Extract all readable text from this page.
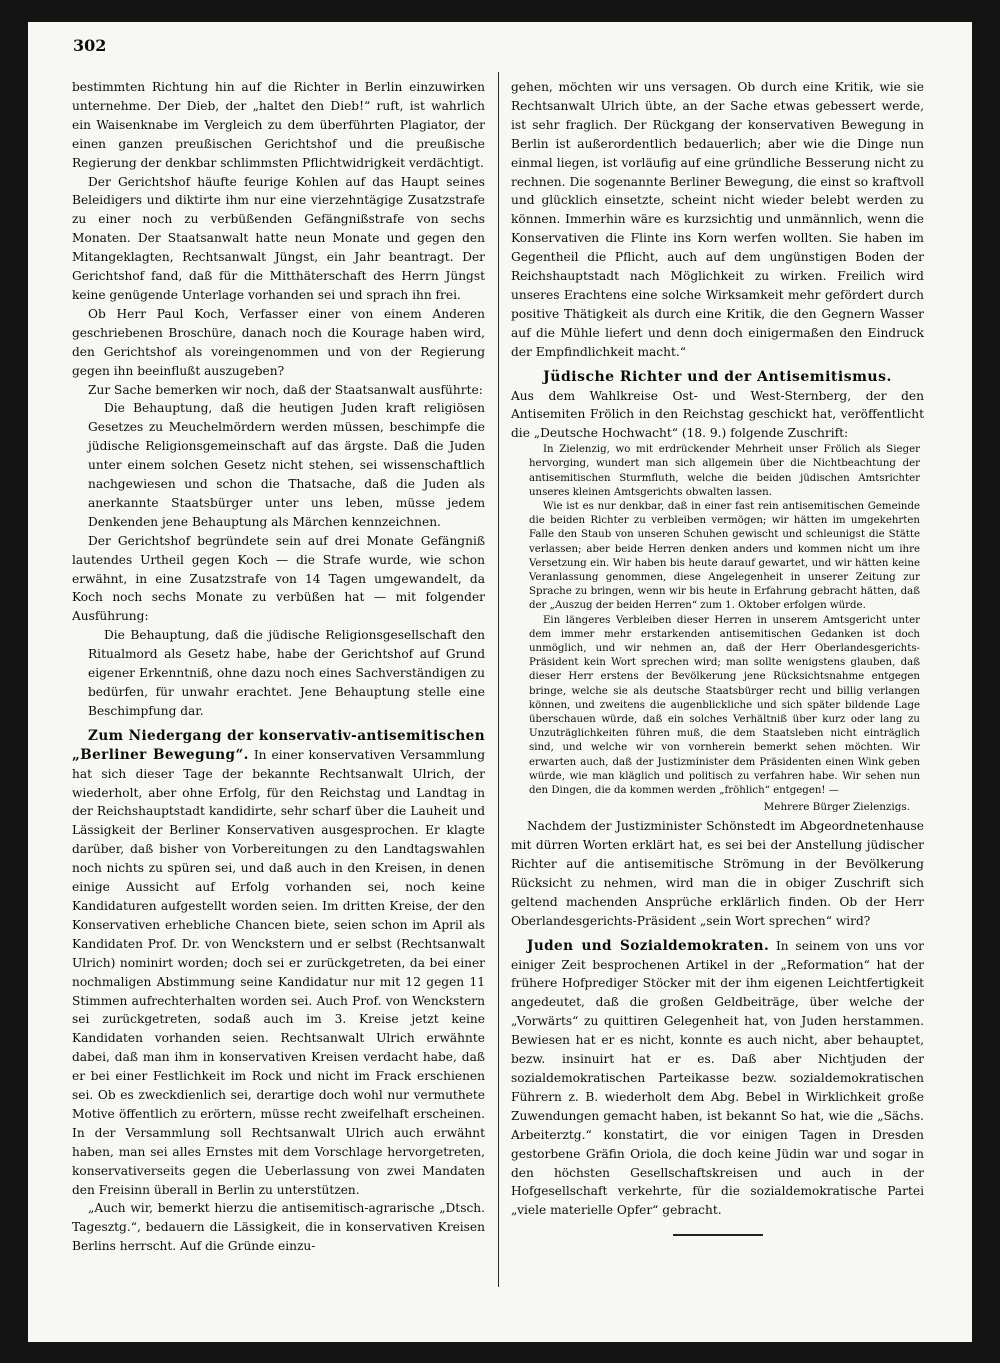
302

bestimmten Richtung hin auf die Richter in Berlin einzuwirken unternehme. Der Dieb, der „haltet den Dieb!“ ruft, ist wahrlich ein Waisenknabe im Vergleich zu dem überführten Plagiator, der einen ganzen preußischen Gerichtshof und die preußische Regierung der denkbar schlimmsten Pflichtwidrigkeit verdächtigt.

Der Gerichtshof häufte feurige Kohlen auf das Haupt seines Beleidigers und diktirte ihm nur eine vierzehntägige Zusatzstrafe zu einer noch zu verbüßenden Gefängnißstrafe von sechs Monaten. Der Staatsanwalt hatte neun Monate und gegen den Mitangeklagten, Rechtsanwalt Jüngst, ein Jahr beantragt. Der Gerichtshof fand, daß für die Mitthäterschaft des Herrn Jüngst keine genügende Unterlage vorhanden sei und sprach ihn frei.

Ob Herr Paul Koch, Verfasser einer von einem Anderen geschriebenen Broschüre, danach noch die Kourage haben wird, den Gerichtshof als voreingenommen und von der Regierung gegen ihn beeinflußt auszugeben?

Zur Sache bemerken wir noch, daß der Staatsanwalt ausführte:

Die Behauptung, daß die heutigen Juden kraft religiösen Gesetzes zu Meuchelmördern werden müssen, beschimpfe die jüdische Religionsgemeinschaft auf das ärgste. Daß die Juden unter einem solchen Gesetz nicht stehen, sei wissenschaftlich nachgewiesen und schon die Thatsache, daß die Juden als anerkannte Staatsbürger unter uns leben, müsse jedem Denkenden jene Behauptung als Märchen kennzeichnen.

Der Gerichtshof begründete sein auf drei Monate Gefängniß lautendes Urtheil gegen Koch — die Strafe wurde, wie schon erwähnt, in eine Zusatzstrafe von 14 Tagen umgewandelt, da Koch noch sechs Monate zu verbüßen hat — mit folgender Ausführung:

Die Behauptung, daß die jüdische Religionsgesellschaft den Ritualmord als Gesetz habe, habe der Gerichtshof auf Grund eigener Erkenntniß, ohne dazu noch eines Sachverständigen zu bedürfen, für unwahr erachtet. Jene Behauptung stelle eine Beschimpfung dar.

Zum Niedergang der konservativ-antisemitischen „Berliner Bewegung“. In einer konservativen Versammlung hat sich dieser Tage der bekannte Rechtsanwalt Ulrich, der wiederholt, aber ohne Erfolg, für den Reichstag und Landtag in der Reichshauptstadt kandidirte, sehr scharf über die Lauheit und Lässigkeit der Berliner Konservativen ausgesprochen. Er klagte darüber, daß bisher von Vorbereitungen zu den Landtagswahlen noch nichts zu spüren sei, und daß auch in den Kreisen, in denen einige Aussicht auf Erfolg vorhanden sei, noch keine Kandidaturen aufgestellt worden seien. Im dritten Kreise, der den Konservativen erhebliche Chancen biete, seien schon im April als Kandidaten Prof. Dr. von Wenckstern und er selbst (Rechtsanwalt Ulrich) nominirt worden; doch sei er zurückgetreten, da bei einer nochmaligen Abstimmung seine Kandidatur nur mit 12 gegen 11 Stimmen aufrechterhalten worden sei. Auch Prof. von Wenckstern sei zurückgetreten, sodaß auch im 3. Kreise jetzt keine Kandidaten vorhanden seien. Rechtsanwalt Ulrich erwähnte dabei, daß man ihm in konservativen Kreisen verdacht habe, daß er bei einer Festlichkeit im Rock und nicht im Frack erschienen sei. Ob es zweckdienlich sei, derartige doch wohl nur vermuthete Motive öffentlich zu erörtern, müsse recht zweifelhaft erscheinen. In der Versammlung soll Rechtsanwalt Ulrich auch erwähnt haben, man sei alles Ernstes mit dem Vorschlage hervorgetreten, konservativerseits gegen die Ueberlassung von zwei Mandaten den Freisinn überall in Berlin zu unterstützen.

„Auch wir, bemerkt hierzu die antisemitisch-agrarische „Dtsch. Tagesztg.“, bedauern die Lässigkeit, die in konservativen Kreisen Berlins herrscht. Auf die Gründe einzu-

gehen, möchten wir uns versagen. Ob durch eine Kritik, wie sie Rechtsanwalt Ulrich übte, an der Sache etwas gebessert werde, ist sehr fraglich. Der Rückgang der konservativen Bewegung in Berlin ist außerordentlich bedauerlich; aber wie die Dinge nun einmal liegen, ist vorläufig auf eine gründliche Besserung nicht zu rechnen. Die sogenannte Berliner Bewegung, die einst so kraftvoll und glücklich einsetzte, scheint nicht wieder belebt werden zu können. Immerhin wäre es kurzsichtig und unmännlich, wenn die Konservativen die Flinte ins Korn werfen wollten. Sie haben im Gegentheil die Pflicht, auch auf dem ungünstigen Boden der Reichshauptstadt nach Möglichkeit zu wirken. Freilich wird unseres Erachtens eine solche Wirksamkeit mehr gefördert durch positive Thätigkeit als durch eine Kritik, die den Gegnern Wasser auf die Mühle liefert und denn doch einigermaßen den Eindruck der Empfindlichkeit macht.“

Jüdische Richter und der Antisemitismus.

Aus dem Wahlkreise Ost- und West-Sternberg, der den Antisemiten Frölich in den Reichstag geschickt hat, veröffentlicht die „Deutsche Hochwacht“ (18. 9.) folgende Zuschrift:

In Zielenzig, wo mit erdrückender Mehrheit unser Frölich als Sieger hervorging, wundert man sich allgemein über die Nichtbeachtung der antisemitischen Sturmfluth, welche die beiden jüdischen Amtsrichter unseres kleinen Amtsgerichts obwalten lassen.

Wie ist es nur denkbar, daß in einer fast rein antisemitischen Gemeinde die beiden Richter zu verbleiben vermögen; wir hätten im umgekehrten Falle den Staub von unseren Schuhen gewischt und schleunigst die Stätte verlassen; aber beide Herren denken anders und kommen nicht um ihre Versetzung ein. Wir haben bis heute darauf gewartet, und wir hätten keine Veranlassung genommen, diese Angelegenheit in unserer Zeitung zur Sprache zu bringen, wenn wir bis heute in Erfahrung gebracht hätten, daß der „Auszug der beiden Herren“ zum 1. Oktober erfolgen würde.

Ein längeres Verbleiben dieser Herren in unserem Amtsgericht unter dem immer mehr erstarkenden antisemitischen Gedanken ist doch unmöglich, und wir nehmen an, daß der Herr Oberlandesgerichts-Präsident kein Wort sprechen wird; man sollte wenigstens glauben, daß dieser Herr erstens der Bevölkerung jene Rücksichtsnahme entgegen bringe, welche sie als deutsche Staatsbürger recht und billig verlangen können, und zweitens die augenblickliche und sich später bildende Lage überschauen würde, daß ein solches Verhältniß über kurz oder lang zu Unzuträglichkeiten führen muß, die dem Staatsleben nicht einträglich sind, und welche wir von vornherein bemerkt sehen möchten. Wir erwarten auch, daß der Justizminister dem Präsidenten einen Wink geben würde, wie man kläglich und politisch zu verfahren habe. Wir sehen nun den Dingen, die da kommen werden „fröhlich“ entgegen! —

Mehrere Bürger Zielenzigs.

Nachdem der Justizminister Schönstedt im Abgeordnetenhause mit dürren Worten erklärt hat, es sei bei der Anstellung jüdischer Richter auf die antisemitische Strömung in der Bevölkerung Rücksicht zu nehmen, wird man die in obiger Zuschrift sich geltend machenden Ansprüche erklärlich finden. Ob der Herr Oberlandesgerichts-Präsident „sein Wort sprechen“ wird?

Juden und Sozialdemokraten. In seinem von uns vor einiger Zeit besprochenen Artikel in der „Reformation“ hat der frühere Hofprediger Stöcker mit der ihm eigenen Leichtfertigkeit angedeutet, daß die großen Geldbeiträge, über welche der „Vorwärts“ zu quittiren Gelegenheit hat, von Juden herstammen. Bewiesen hat er es nicht, konnte es auch nicht, aber behauptet, bezw. insinuirt hat er es. Daß aber Nichtjuden der sozialdemokratischen Parteikasse bezw. sozialdemokratischen Führern z. B. wiederholt dem Abg. Bebel in Wirklichkeit große Zuwendungen gemacht haben, ist bekannt So hat, wie die „Sächs. Arbeiterztg.“ konstatirt, die vor einigen Tagen in Dresden gestorbene Gräfin Oriola, die doch keine Jüdin war und sogar in den höchsten Gesellschaftskreisen und auch in der Hofgesellschaft verkehrte, für die sozialdemokratische Partei „viele materielle Opfer“ gebracht.
